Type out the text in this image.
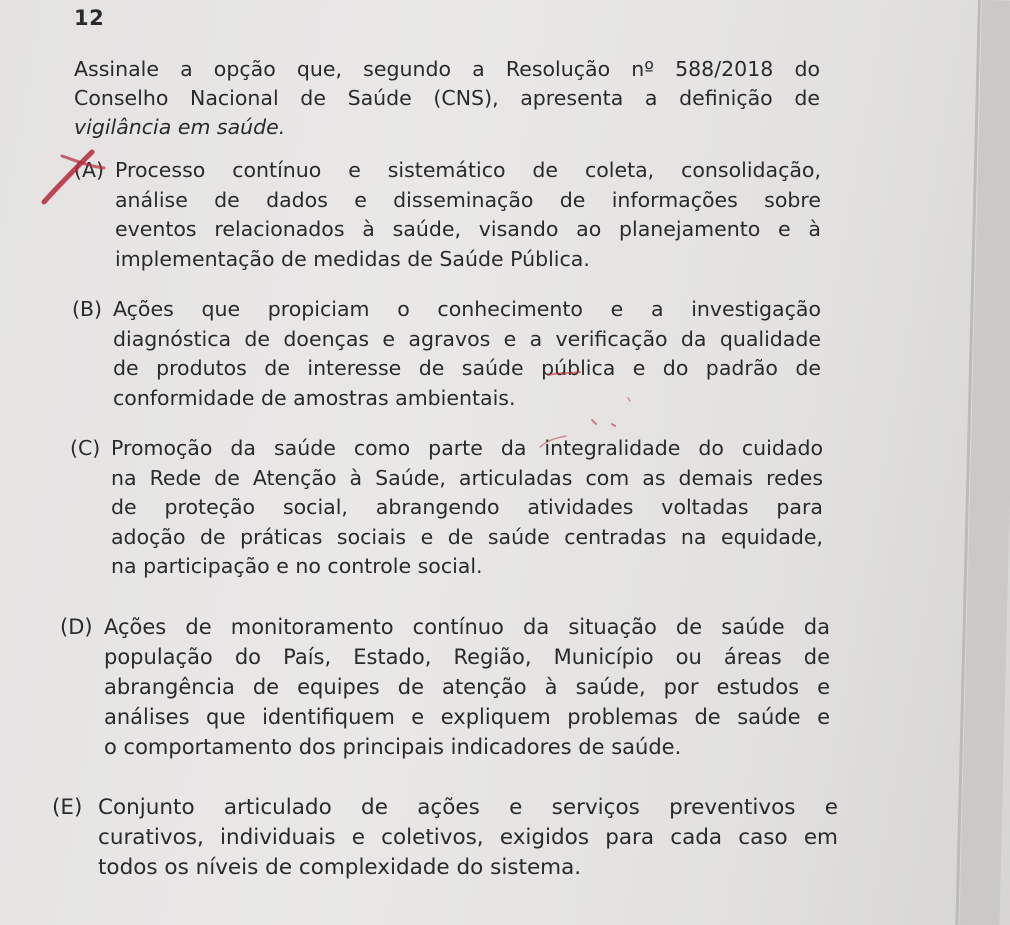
12
Assinale a opção que, segundo a Resolução nº 588/2018 do
Conselho Nacional de Saúde (CNS), apresenta a definição de
vigilância em saúde.
(A) Processo contínuo e sistemático de coleta, consolidação,
análise de dados e disseminação de informações sobre
eventos relacionados à saúde, visando ao planejamento e à
implementação de medidas de Saúde Pública.
(B) Ações que propiciam o conhecimento e a investigação
diagnóstica de doenças e agravos e a verificação da qualidade
de produtos de interesse de saúde pública e do padrão de
conformidade de amostras ambientais.
(C) Promoção da saúde como parte da integralidade do cuidado
na Rede de Atenção à Saúde, articuladas com as demais redes
de proteção social, abrangendo atividades voltadas para
adoção de práticas sociais e de saúde centradas na equidade,
na participação e no controle social.
(D) Ações de monitoramento contínuo da situação de saúde da
população do País, Estado, Região, Município ou áreas de
abrangência de equipes de atenção à saúde, por estudos e
análises que identifiquem e expliquem problemas de saúde e
o comportamento dos principais indicadores de saúde.
(E) Conjunto articulado de ações e serviços preventivos e
curativos, individuais e coletivos, exigidos para cada caso em
todos os níveis de complexidade do sistema.
